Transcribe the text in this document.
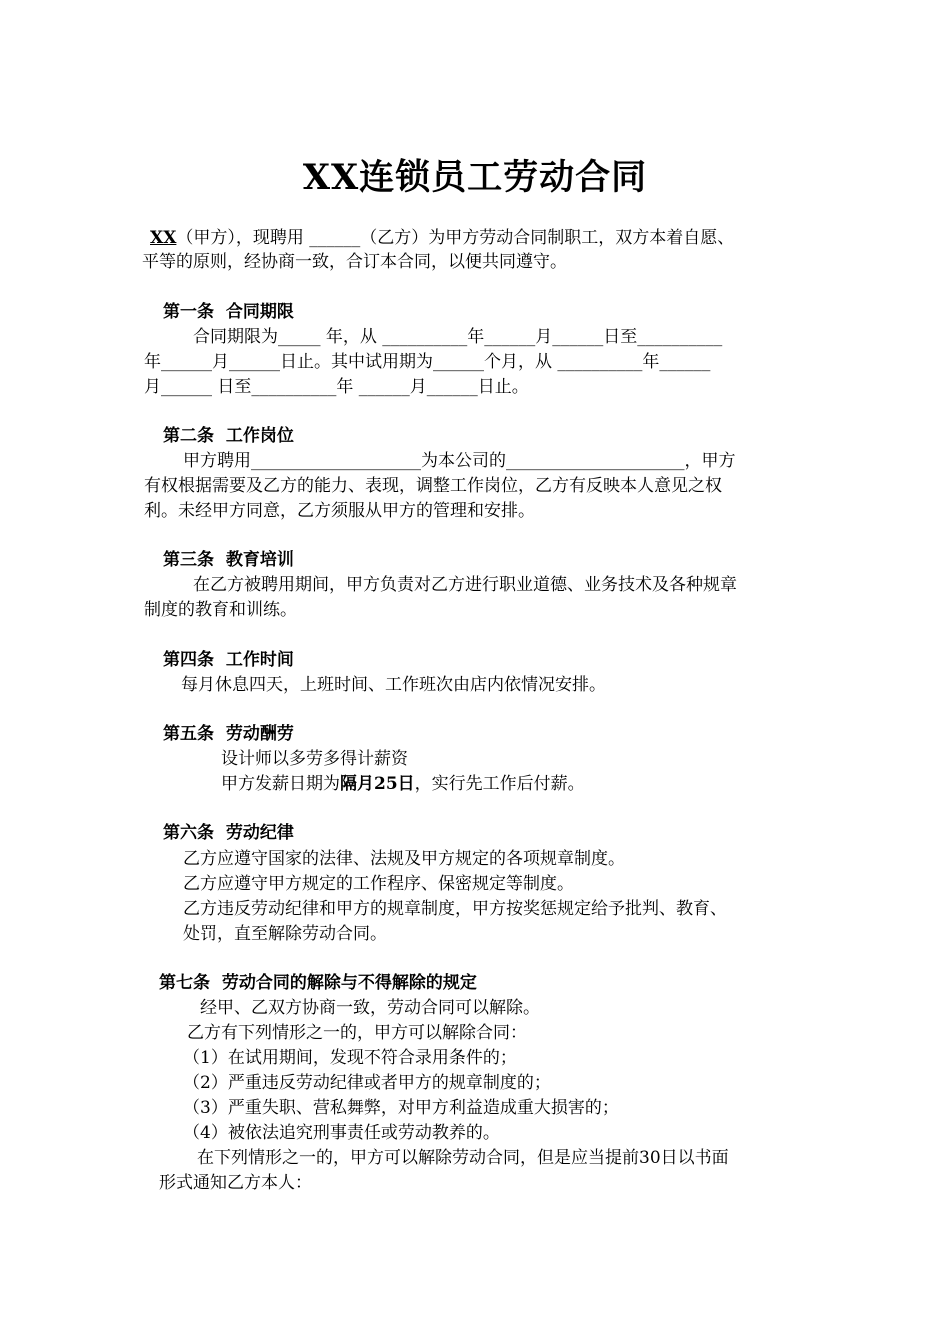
XX连锁员工劳动合同
XX（甲方），现聘用 ______（乙方）为甲方劳动合同制职工，双方本着自愿、
平等的原则，经协商一致，合订本合同，以便共同遵守。
第一条  合同期限
合同期限为_____ 年，从 __________年______月______日至__________
年______月______日止。其中试用期为______个月，从 __________年______
月______ 日至__________年 ______月______日止。
第二条  工作岗位
甲方聘用____________________为本公司的_____________________，甲方
有权根据需要及乙方的能力、表现，调整工作岗位，乙方有反映本人意见之权
利。未经甲方同意，乙方须服从甲方的管理和安排。
第三条  教育培训
在乙方被聘用期间，甲方负责对乙方进行职业道德、业务技术及各种规章
制度的教育和训练。
第四条  工作时间
每月休息四天，上班时间、工作班次由店内依情况安排。
第五条  劳动酬劳
设计师以多劳多得计薪资
甲方发薪日期为隔月25日，实行先工作后付薪。
第六条  劳动纪律
乙方应遵守国家的法律、法规及甲方规定的各项规章制度。
乙方应遵守甲方规定的工作程序、保密规定等制度。
乙方违反劳动纪律和甲方的规章制度，甲方按奖惩规定给予批判、教育、
处罚，直至解除劳动合同。
第七条  劳动合同的解除与不得解除的规定
经甲、乙双方协商一致，劳动合同可以解除。
乙方有下列情形之一的，甲方可以解除合同：
（1）在试用期间，发现不符合录用条件的；
（2）严重违反劳动纪律或者甲方的规章制度的；
（3）严重失职、营私舞弊，对甲方利益造成重大损害的；
（4）被依法追究刑事责任或劳动教养的。
在下列情形之一的，甲方可以解除劳动合同，但是应当提前30日以书面
形式通知乙方本人：
